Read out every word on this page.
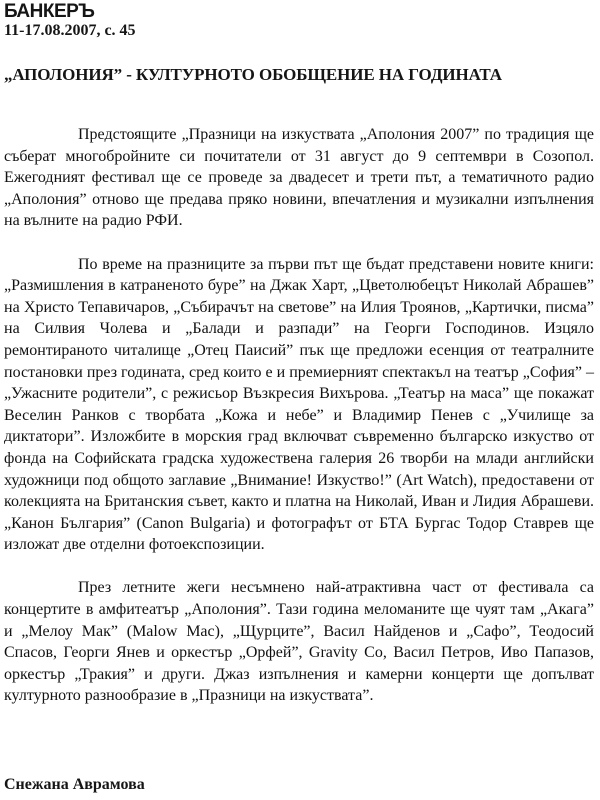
БАНКЕРЪ
11-17.08.2007, с. 45
„АПОЛОНИЯ” - КУЛТУРНОТО ОБОБЩЕНИЕ НА ГОДИНАТА

Предстоящите „Празници на изкуствата „Аполония 2007” по традиция ще съберат многобройните си почитатели от 31 август до 9 септември в Созопол. Ежегодният фестивал ще се проведе за двадесет и трети път, а тематичното радио „Аполония” отново ще предава пряко новини, впечатления и музикални изпълнения на вълните на радио РФИ.

По време на празниците за първи път ще бъдат представени новите книги: „Размишления в катраненото буре” на Джак Харт, „Цветолюбецът Николай Абрашев” на Христо Тепавичаров, „Събирачът на светове” на Илия Троянов, „Картички, писма” на Силвия Чолева и „Балади и разпади” на Георги Господинов. Изцяло ремонтираното читалище „Отец Паисий” пък ще предложи есенция от театралните постановки през годината, сред които е и премиерният спектакъл на театър „София” – „Ужасните родители”, с режисьор Възкресия Вихърова. „Театър на маса” ще покажат Веселин Ранков с творбата „Кожа и небе” и Владимир Пенев с „Училище за диктатори”. Изложбите в морския град включват съвременно българско изкуство от фонда на Софийската градска художествена галерия 26 творби на млади английски художници под общото заглавие „Внимание! Изкуство!” (Art Watch), предоставени от колекцията на Британския съвет, както и платна на Николай, Иван и Лидия Абрашеви. „Канон България” (Canon Bulgaria) и фотографът от БТА Бургас Тодор Ставрев ще изложат две отделни фотоекспозиции.

През летните жеги несъмнено най-атрактивна част от фестивала са концертите в амфитеатър „Аполония”. Тази година меломаните ще чуят там „Акага” и „Мелоу Мак” (Malow Mac), „Щурците”, Васил Найденов и „Сафо”, Теодосий Спасов, Георги Янев и оркестър „Орфей”, Gravity Co, Васил Петров, Иво Папазов, оркестър „Тракия” и други. Джаз изпълнения и камерни концерти ще допълват културното разнообразие в „Празници на изкуствата”.

Снежана Аврамова
